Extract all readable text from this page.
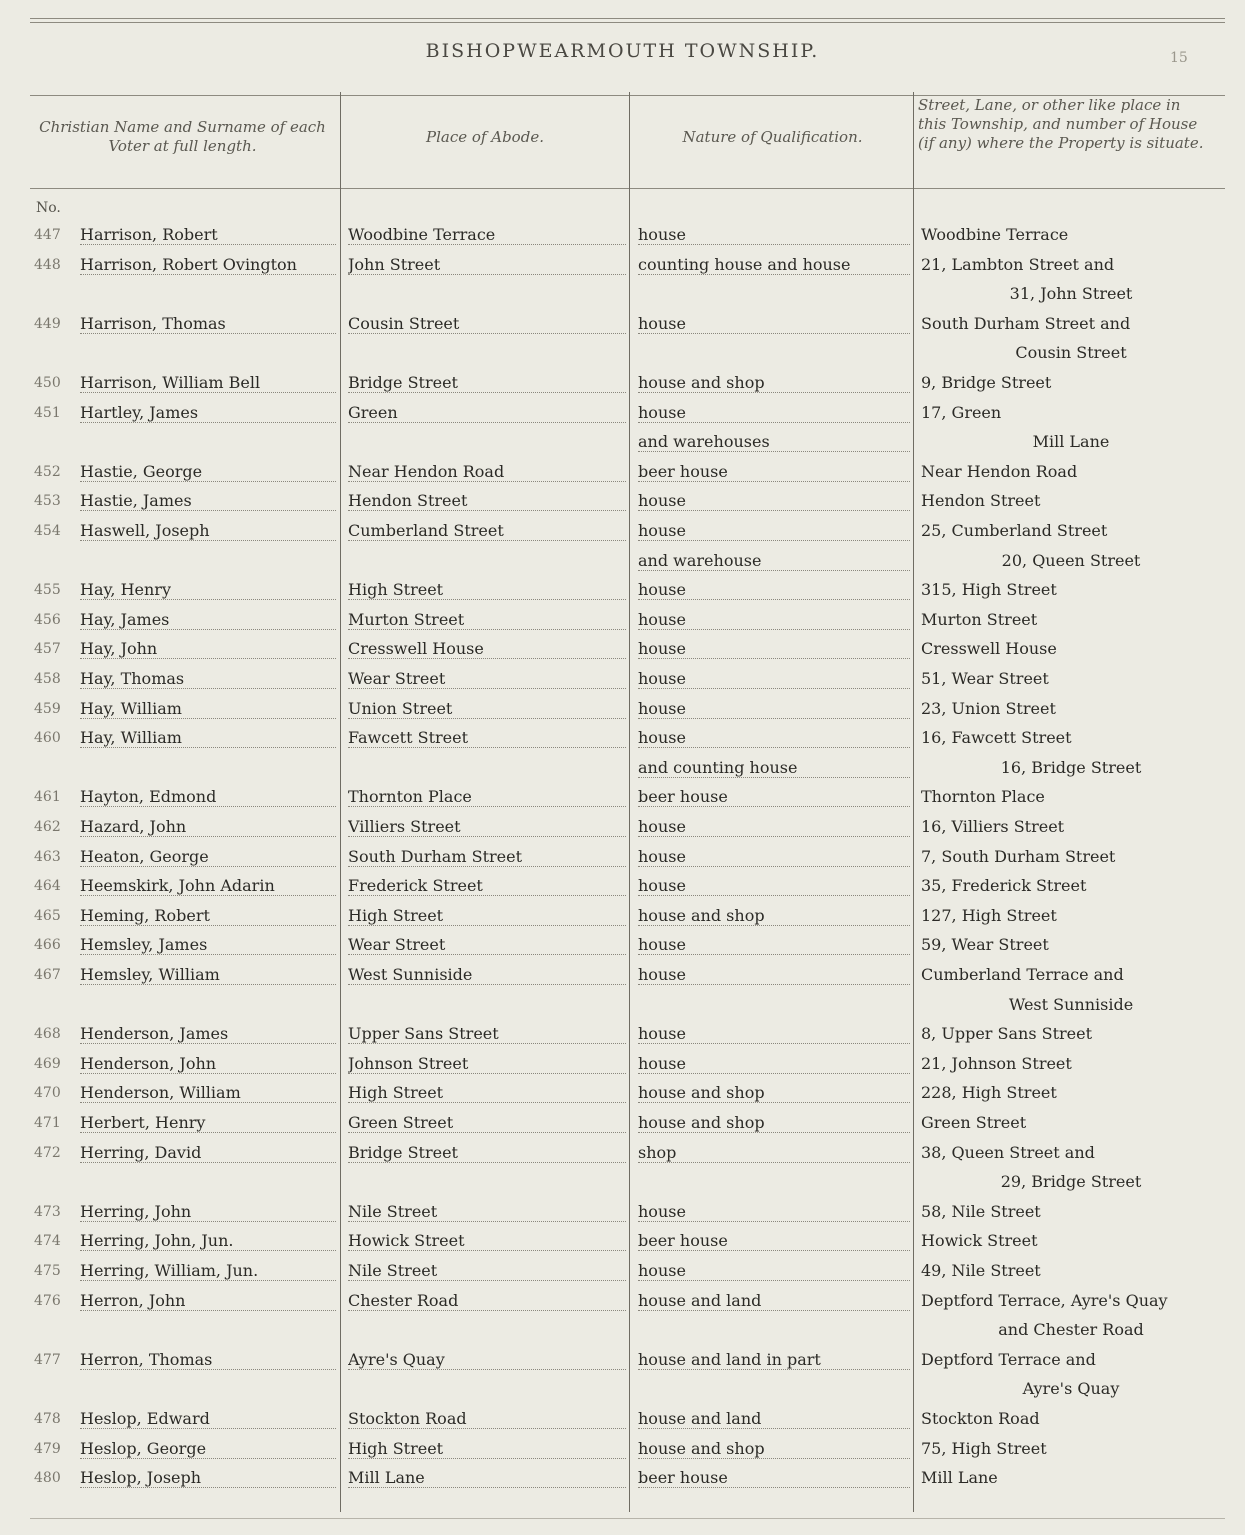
BISHOPWEARMOUTH TOWNSHIP.	15
Christian Name and Surname of each Voter at full length.	Place of Abode.	Nature of Qualification.
Street, Lane, or other like place in this Township, and number of House (if any) where the Property is situate.
No.
447	Harrison, Robert	Woodbine Terrace	house	Woodbine Terrace
448	Harrison, Robert Ovington	John Street	counting house and house	21, Lambton Street and
31, John Street
449	Harrison, Thomas	Cousin Street	house	South Durham Street and
Cousin Street
450	Harrison, William Bell	Bridge Street	house and shop	9, Bridge Street
451	Hartley, James	Green	house	17, Green
and warehouses	Mill Lane
452	Hastie, George	Near Hendon Road	beer house	Near Hendon Road
453	Hastie, James	Hendon Street	house	Hendon Street
454	Haswell, Joseph	Cumberland Street	house	25, Cumberland Street
and warehouse	20, Queen Street
455	Hay, Henry	High Street	house	315, High Street
456	Hay, James	Murton Street	house	Murton Street
457	Hay, John	Cresswell House	house	Cresswell House
458	Hay, Thomas	Wear Street	house	51, Wear Street
459	Hay, William	Union Street	house	23, Union Street
460	Hay, William	Fawcett Street	house	16, Fawcett Street
and counting house	16, Bridge Street
461	Hayton, Edmond	Thornton Place	beer house	Thornton Place
462	Hazard, John	Villiers Street	house	16, Villiers Street
463	Heaton, George	South Durham Street	house	7, South Durham Street
464	Heemskirk, John Adarin	Frederick Street	house	35, Frederick Street
465	Heming, Robert	High Street	house and shop	127, High Street
466	Hemsley, James	Wear Street	house	59, Wear Street
467	Hemsley, William	West Sunniside	house	Cumberland Terrace and
West Sunniside
468	Henderson, James	Upper Sans Street	house	8, Upper Sans Street
469	Henderson, John	Johnson Street	house	21, Johnson Street
470	Henderson, William	High Street	house and shop	228, High Street
471	Herbert, Henry	Green Street	house and shop	Green Street
472	Herring, David	Bridge Street	shop	38, Queen Street and
29, Bridge Street
473	Herring, John	Nile Street	house	58, Nile Street
474	Herring, John, Jun.	Howick Street	beer house	Howick Street
475	Herring, William, Jun.	Nile Street	house	49, Nile Street
476	Herron, John	Chester Road	house and land	Deptford Terrace, Ayre's Quay
and Chester Road
477	Herron, Thomas	Ayre's Quay	house and land in part	Deptford Terrace and
Ayre's Quay
478	Heslop, Edward	Stockton Road	house and land	Stockton Road
479	Heslop, George	High Street	house and shop	75, High Street
480	Heslop, Joseph	Mill Lane	beer house	Mill Lane
